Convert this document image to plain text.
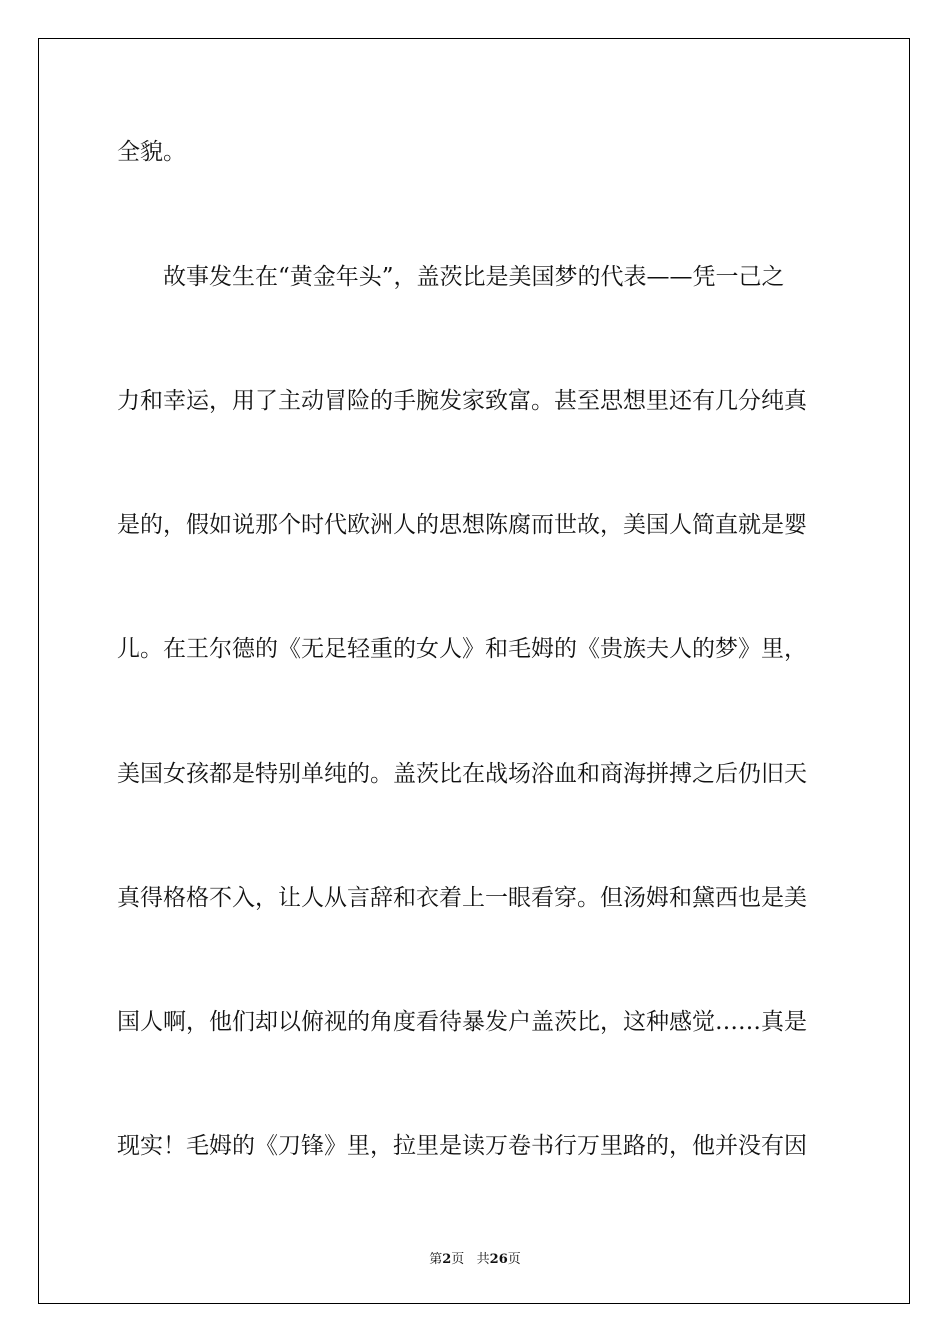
全貌。
故事发生在“黄金年头”，盖茨比是美国梦的代表——凭一己之
力和幸运，用了主动冒险的手腕发家致富。甚至思想里还有几分纯真
是的，假如说那个时代欧洲人的思想陈腐而世故，美国人简直就是婴
儿。在王尔德的《无足轻重的女人》和毛姆的《贵族夫人的梦》里，
美国女孩都是特别单纯的。盖茨比在战场浴血和商海拼搏之后仍旧天
真得格格不入，让人从言辞和衣着上一眼看穿。但汤姆和黛西也是美
国人啊，他们却以俯视的角度看待暴发户盖茨比，这种感觉……真是
现实！毛姆的《刀锋》里，拉里是读万卷书行万里路的，他并没有因
第2页   共26页
